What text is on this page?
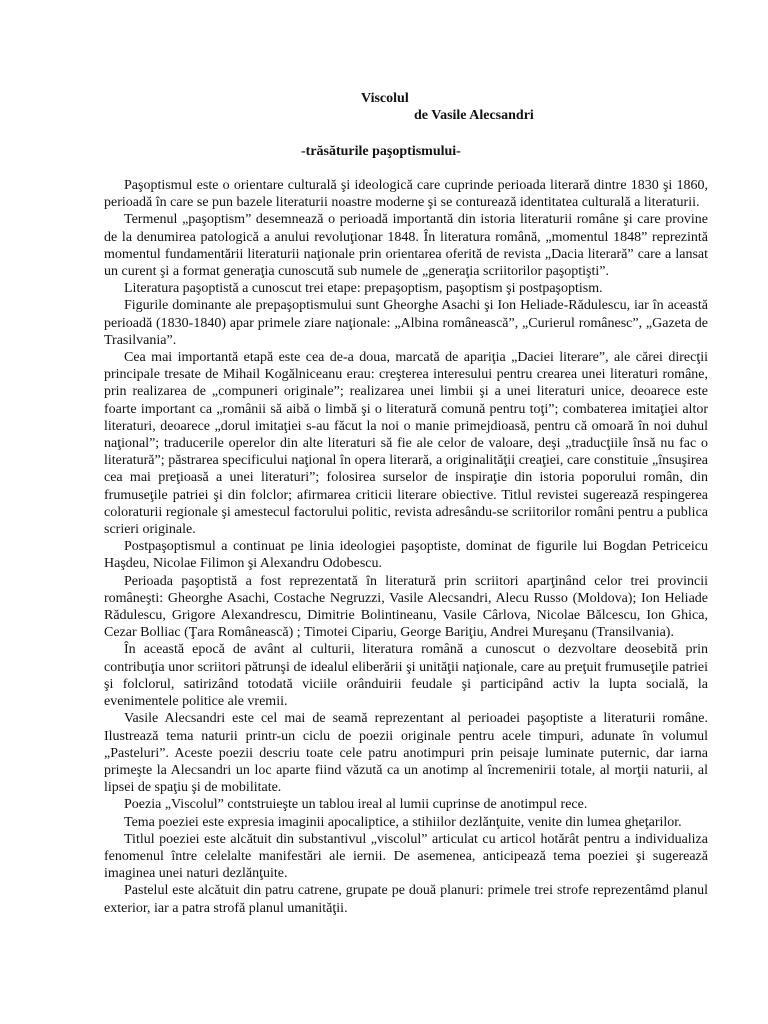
Viscolul
de Vasile Alecsandri
-trăsăturile paşoptismului-

Paşoptismul este o orientare culturală şi ideologică care cuprinde perioada literară dintre 1830 şi 1860, perioadă în care se pun bazele literaturii noastre moderne şi se conturează identitatea culturală a literaturii.

Termenul „paşoptism” desemnează o perioadă importantă din istoria literaturii române şi care provine de la denumirea patologică a anului revoluţionar 1848. În literatura română, „momentul 1848” reprezintă momentul fundamentării literaturii naţionale prin orientarea oferită de revista „Dacia literară” care a lansat un curent şi a format generaţia cunoscută sub numele de „generaţia scriitorilor paşoptişti”.

Literatura paşoptistă a cunoscut trei etape: prepaşoptism, paşoptism şi postpaşoptism.

Figurile dominante ale prepaşoptismului sunt Gheorghe Asachi şi Ion Heliade-Rădulescu, iar în această perioadă (1830-1840) apar primele ziare naţionale: „Albina românească”, „Curierul românesc”, „Gazeta de Trasilvania”.

Cea mai importantă etapă este cea de-a doua, marcată de apariţia „Daciei literare”, ale cărei direcţii principale tresate de Mihail Kogălniceanu erau: creşterea interesului pentru crearea unei literaturi române, prin realizarea de „compuneri originale”; realizarea unei limbii şi a unei literaturi unice, deoarece este foarte important ca „românii să aibă o limbă şi o literatură comună pentru toţi”; combaterea imitaţiei altor literaturi, deoarece „dorul imitaţiei s-au făcut la noi o manie primejdioasă, pentru că omoară în noi duhul naţional”; traducerile operelor din alte literaturi să fie ale celor de valoare, deşi „traducţiile însă nu fac o literatură”; păstrarea specificului naţional în opera literară, a originalităţii creaţiei, care constituie „însuşirea cea mai preţioasă a unei literaturi”; folosirea surselor de inspiraţie din istoria poporului român, din frumuseţile patriei şi din folclor; afirmarea criticii literare obiective. Titlul revistei sugerează respingerea coloraturii regionale şi amestecul factorului politic, revista adresându-se scriitorilor români pentru a publica scrieri originale.

Postpaşoptismul a continuat pe linia ideologiei paşoptiste, dominat de figurile lui Bogdan Petriceicu Haşdeu, Nicolae Filimon şi Alexandru Odobescu.

Perioada paşoptistă a fost reprezentată în literatură prin scriitori aparţinând celor trei provincii româneşti: Gheorghe Asachi, Costache Negruzzi, Vasile Alecsandri, Alecu Russo (Moldova); Ion Heliade Rădulescu, Grigore Alexandrescu, Dimitrie Bolintineanu, Vasile Cârlova, Nicolae Bălcescu, Ion Ghica, Cezar Bolliac (Ţara Românească) ; Timotei Cipariu, George Bariţiu, Andrei Mureşanu (Transilvania).

În această epocă de avânt al culturii, literatura română a cunoscut o dezvoltare deosebită prin contribuţia unor scriitori pătrunşi de idealul eliberării şi unităţii naţionale, care au preţuit frumuseţile patriei şi folclorul, satirizând totodată viciile orânduirii feudale şi participând activ la lupta socială, la evenimentele politice ale vremii.

Vasile Alecsandri este cel mai de seamă reprezentant al perioadei paşoptiste a literaturii române. Ilustrează tema naturii printr-un ciclu de poezii originale pentru acele timpuri, adunate în volumul „Pasteluri”. Aceste poezii descriu toate cele patru anotimpuri prin peisaje luminate puternic, dar iarna primeşte la Alecsandri un loc aparte fiind văzută ca un anotimp al încremenirii totale, al morţii naturii, al lipsei de spaţiu şi de mobilitate.

Poezia „Viscolul” contstruieşte un tablou ireal al lumii cuprinse de anotimpul rece.

Tema poeziei este expresia imaginii apocaliptice, a stihiilor dezlănţuite, venite din lumea gheţarilor.

Titlul poeziei este alcătuit din substantivul „viscolul” articulat cu articol hotărât pentru a individualiza fenomenul între celelalte manifestări ale iernii. De asemenea, anticipează tema poeziei şi sugerează imaginea unei naturi dezlănţuite.

Pastelul este alcătuit din patru catrene, grupate pe două planuri: primele trei strofe reprezentâmd planul exterior, iar a patra strofă planul umanităţii.
